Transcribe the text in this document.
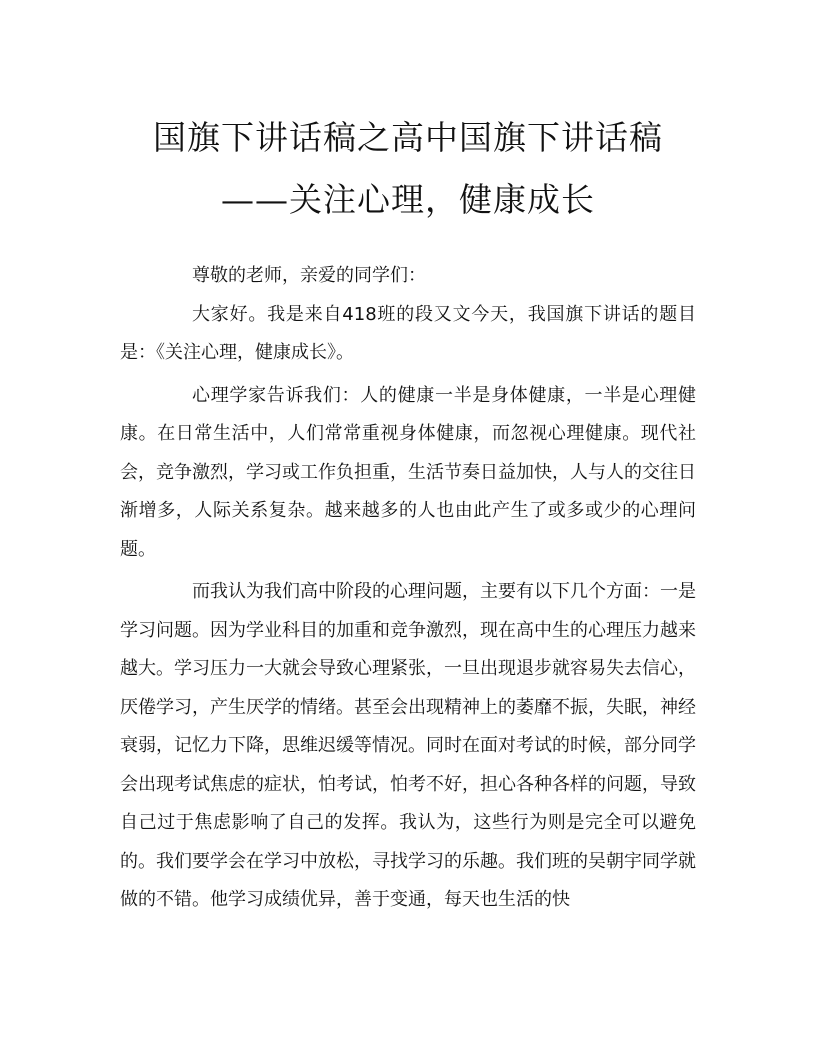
国旗下讲话稿之高中国旗下讲话稿
——关注心理，健康成长

尊敬的老师，亲爱的同学们：

大家好。我是来自418班的段又文今天，我国旗下讲话的题目是：《关注心理，健康成长》。

心理学家告诉我们：人的健康一半是身体健康，一半是心理健康。在日常生活中，人们常常重视身体健康，而忽视心理健康。现代社会，竞争激烈，学习或工作负担重，生活节奏日益加快，人与人的交往日渐增多，人际关系复杂。越来越多的人也由此产生了或多或少的心理问题。

而我认为我们高中阶段的心理问题，主要有以下几个方面：一是学习问题。因为学业科目的加重和竞争激烈，现在高中生的心理压力越来越大。学习压力一大就会导致心理紧张，一旦出现退步就容易失去信心，厌倦学习，产生厌学的情绪。甚至会出现精神上的萎靡不振，失眠，神经衰弱，记忆力下降，思维迟缓等情况。同时在面对考试的时候，部分同学会出现考试焦虑的症状，怕考试，怕考不好，担心各种各样的问题，导致自己过于焦虑影响了自己的发挥。我认为，这些行为则是完全可以避免的。我们要学会在学习中放松，寻找学习的乐趣。我们班的吴朝宇同学就做的不错。他学习成绩优异，善于变通，每天也生活的快
